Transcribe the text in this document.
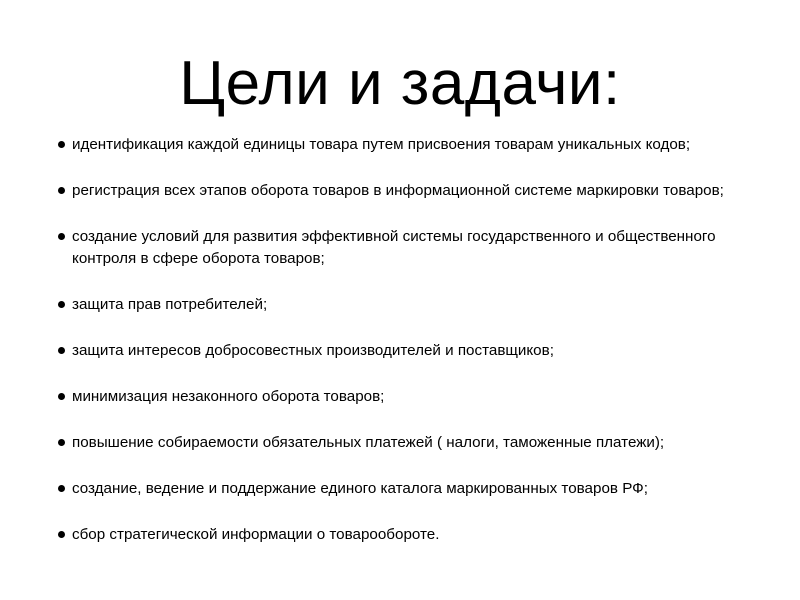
Цели и задачи:
идентификация каждой единицы товара путем присвоения товарам уникальных кодов;
регистрация всех этапов оборота товаров в информационной системе маркировки товаров;
создание условий для развития эффективной системы государственного и общественного контроля в сфере оборота товаров;
защита прав потребителей;
защита интересов добросовестных производителей и поставщиков;
минимизация незаконного оборота товаров;
повышение собираемости обязательных платежей ( налоги, таможенные платежи);
создание, ведение и поддержание единого каталога маркированных товаров РФ;
сбор стратегической информации о товарообороте.
